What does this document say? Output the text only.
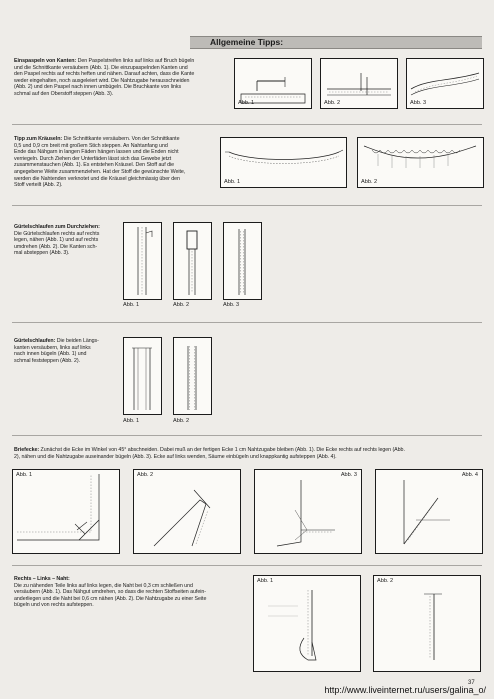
Allgemeine Tipps:
Einspaspeln von Kanten: Den Paspelstreifen links auf links auf Bruch bügeln
und die Schnittkante versäubern (Abb. 1). Die einzupaspelnden Kanten und
den Paspel rechts auf rechts heften und nähen. Darauf achten, dass die Kante
weder eingehalten, noch ausgeleiert wird. Die Nahtzugabe herausschneiden
(Abb. 2) und den Paspel nach innen umbügeln. Die Bruchkante von links
schmal auf den Oberstoff steppen (Abb. 3).
Abb. 1	Abb. 2	Abb. 3
Tipp zum Kräuseln: Die Schnittkante versäubern. Von der Schnittkante
0,5 und 0,9 cm breit mit großem Stich steppen. An Nahtanfang und
Ende das Nähgarn in langen Fäden hängen lassen und die Enden nicht
verriegeln. Durch Ziehen der Unterfäden lässt sich das Gewebe jetzt
zusammenstauchen (Abb. 1). Es entstehen Kräusel. Den Stoff auf die
angegebene Weite zusammenziehen. Hat der Stoff die gewünschte Weite,
werden die Nahtenden verknotet und die Kräusel gleichmässig über den
Stoff verteilt (Abb. 2).
Abb. 1	Abb. 2
Gürtelschlaufen zum Durchziehen:
Die Gürtelschlaufen rechts auf rechts
legen, nähen (Abb. 1) und auf rechts
umdrehen (Abb. 2). Die Kanten sch-
mal absteppen (Abb. 3).
Abb. 1	Abb. 2	Abb. 3
Gürtelschlaufen: Die beiden Längs-
kanten versäubern, links auf links
nach innen bügeln (Abb. 1) und
schmal feststeppen (Abb. 2).
Abb. 1	Abb. 2
Briefecke: Zunächst die Ecke im Winkel von 45° abschneiden. Dabei muß an der fertigen Ecke 1 cm Nahtzugabe bleiben (Abb. 1). Die Ecke rechts auf rechts legen (Abb.
2), nähen und die Nahtzugabe auseinander bügeln (Abb. 3). Ecke auf links wenden, Säume einbügeln und knappkantig aufsteppen (Abb. 4).
Abb. 1	Abb. 2	Abb. 3	Abb. 4
Rechts – Links – Naht:
Die zu nähenden Teile links auf links legen, die Naht bei 0,3 cm schließen und
versäubern (Abb. 1). Das Nähgut umdrehen, so dass die rechten Stoffseiten aufein-
anderliegen und die Naht bei 0,6 cm nähen (Abb. 2). Die Nahtzugabe zu einer Seite
bügeln und von rechts aufsteppen.
Abb. 1	Abb. 2
37
http://www.liveinternet.ru/users/galina_o/
